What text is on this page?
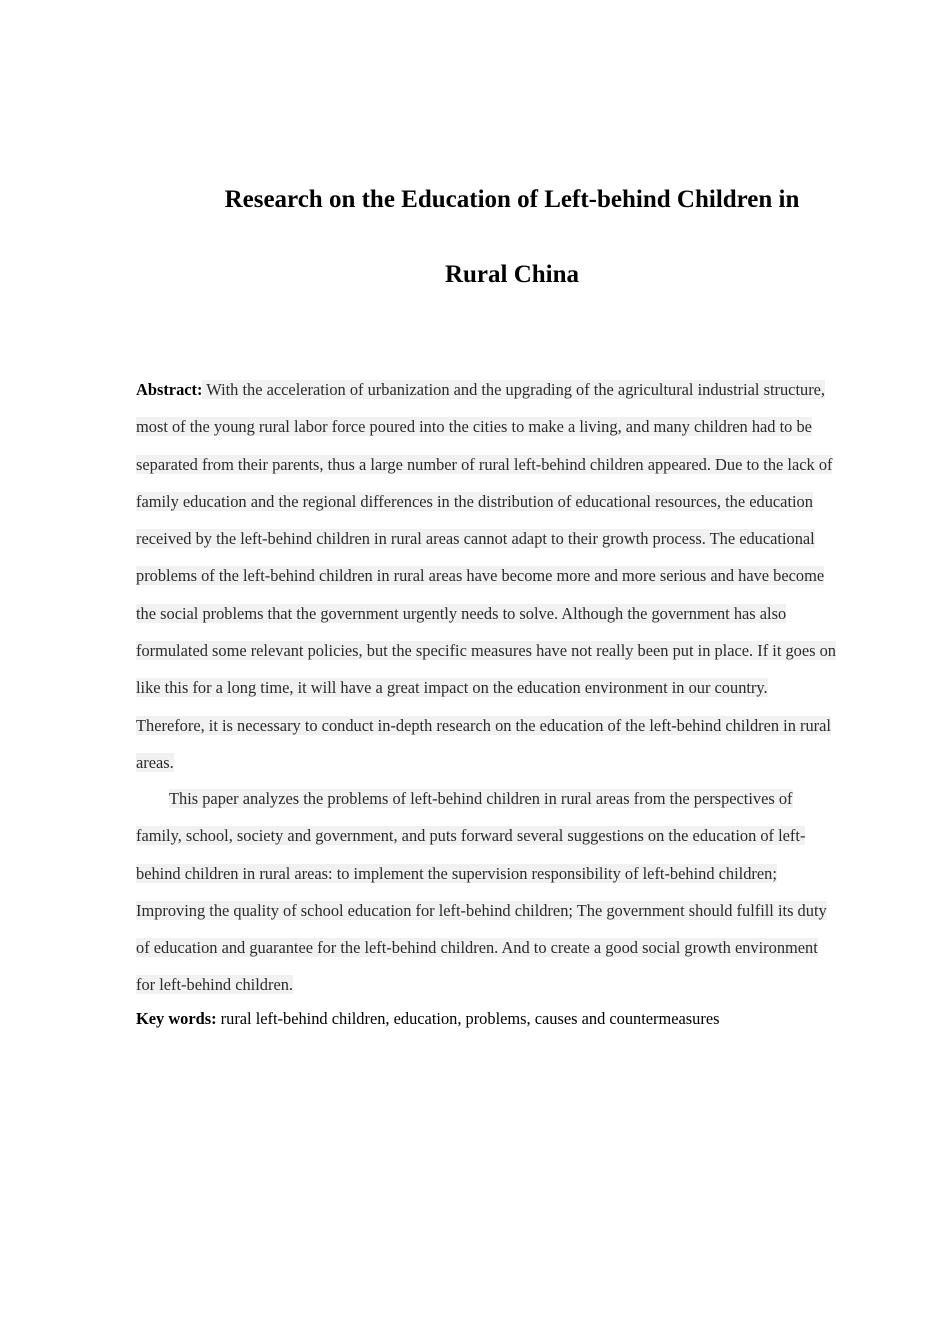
Research on the Education of Left-behind Children in
Rural China

Abstract: With the acceleration of urbanization and the upgrading of the agricultural industrial structure, most of the young rural labor force poured into the cities to make a living, and many children had to be separated from their parents, thus a large number of rural left-behind children appeared. Due to the lack of family education and the regional differences in the distribution of educational resources, the education received by the left-behind children in rural areas cannot adapt to their growth process. The educational problems of the left-behind children in rural areas have become more and more serious and have become the social problems that the government urgently needs to solve. Although the government has also formulated some relevant policies, but the specific measures have not really been put in place. If it goes on like this for a long time, it will have a great impact on the education environment in our country. Therefore, it is necessary to conduct in-depth research on the education of the left-behind children in rural areas.

This paper analyzes the problems of left-behind children in rural areas from the perspectives of family, school, society and government, and puts forward several suggestions on the education of left-behind children in rural areas: to implement the supervision responsibility of left-behind children; Improving the quality of school education for left-behind children; The government should fulfill its duty of education and guarantee for the left-behind children. And to create a good social growth environment for left-behind children.

Key words: rural left-behind children, education, problems, causes and countermeasures
